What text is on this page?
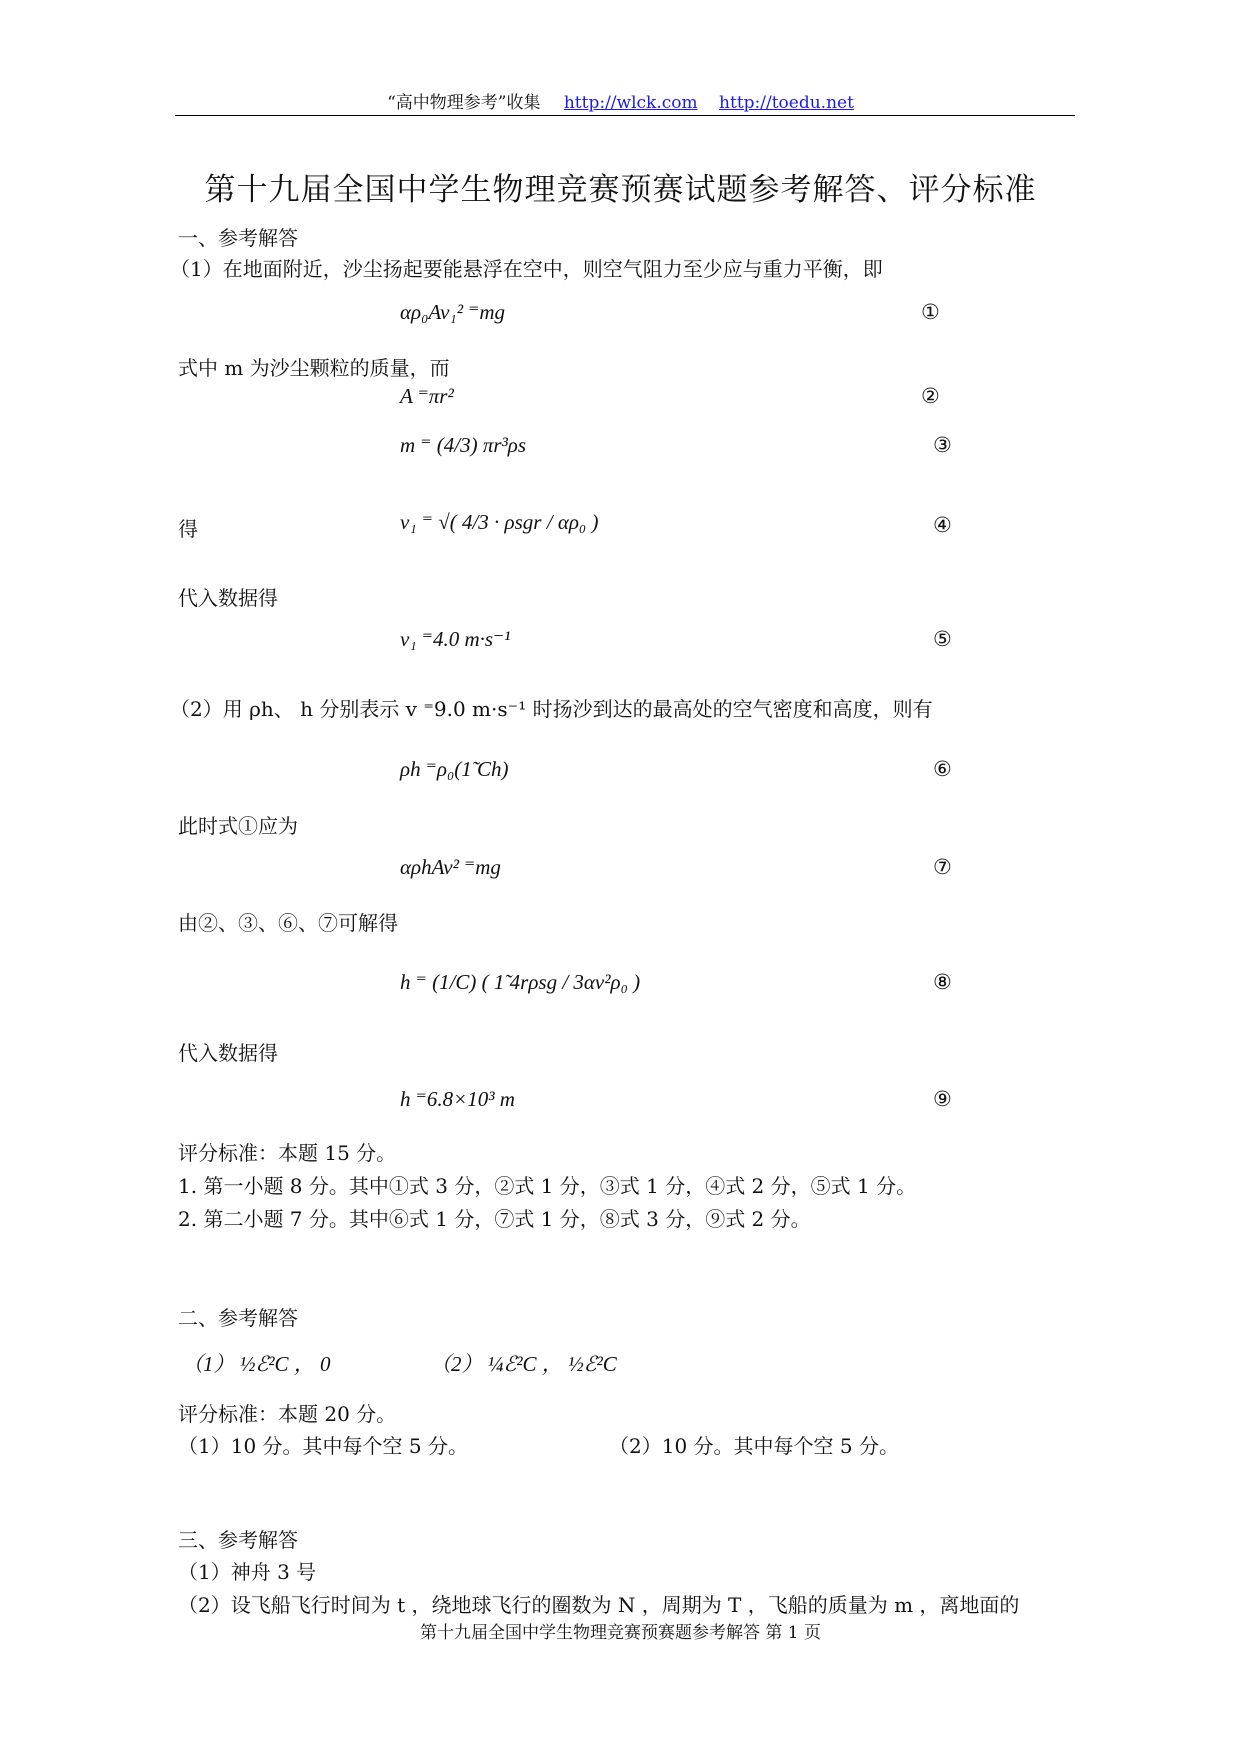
“高中物理参考”收集 http://wlck.com http://toedu.net
第十九届全国中学生物理竞赛预赛试题参考解答、评分标准
一、参考解答
（1）在地面附近，沙尘扬起要能悬浮在空中，则空气阻力至少应与重力平衡，即
αρ₀Av₁² ⁼mg	①
式中 m 为沙尘颗粒的质量，而
A ⁼πr²	②
m ⁼ (4/3) πr³ρs	③
得	v₁ ⁼ √( 4/3 · ρsgr / αρ₀ )	④
代入数据得
v₁ ⁼4.0 m·s⁻¹	⑤
（2）用 ρh、 h 分别表示 v ⁼9.0 m·s⁻¹ 时扬沙到达的最高处的空气密度和高度，则有
ρh ⁼ρ₀(1̃ Ch)	⑥
此时式①应为
αρhAv² ⁼mg	⑦
由②、③、⑥、⑦可解得
h ⁼ (1/C) ( 1̃ 4rρsg / 3αv²ρ₀ )	⑧
代入数据得
h ⁼6.8×10³ m	⑨
评分标准：本题 15 分。
1. 第一小题 8 分。其中①式 3 分，②式 1 分，③式 1 分，④式 2 分，⑤式 1 分。
2. 第二小题 7 分。其中⑥式 1 分，⑦式 1 分，⑧式 3 分，⑨式 2 分。
二、参考解答
（1） ½ℰ²C ， 0	（2） ¼ℰ²C ， ½ℰ²C
评分标准：本题 20 分。
（1）10 分。其中每个空 5 分。	（2）10 分。其中每个空 5 分。
三、参考解答
（1）神舟 3 号
（2）设飞船飞行时间为 t ，绕地球飞行的圈数为 N ，周期为 T ，飞船的质量为 m ，离地面的
第十九届全国中学生物理竞赛预赛题参考解答 第 1 页
